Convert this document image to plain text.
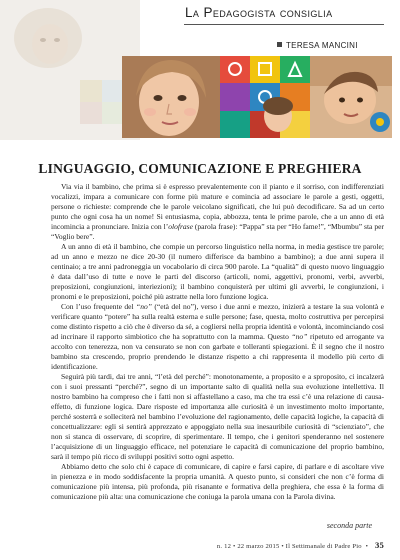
La Pedagogista consiglia
TERESA MANCINI
LINGUAGGIO, COMUNICAZIONE E PREGHIERA

Via via il bambino, che prima si è espresso prevalentemente con il pianto e il sorriso, con indifferenziati vocalizzi, impara a comunicare con forme più mature e comincia ad associare le parole a gesti, oggetti, persone o richieste: comprende che le parole veicolano significati, che lui può decodificare. Sa ad un certo punto che ogni cosa ha un nome! Si entusiasma, copia, abbozza, tenta le prime parole, che a un anno di età incomincia a pronunciare. Inizia con l’olofrase (parola frase): “Pappa” sta per “Ho fame!”, “Mbumbu” sta per “Voglio bere”.

A un anno di età il bambino, che compie un percorso linguistico nella norma, in media gestisce tre parole; ad un anno e mezzo ne dice 20-30 (il numero differisce da bambino a bambino); a due anni supera il centinaio; a tre anni padroneggia un vocabolario di circa 900 parole. La “qualità” di questo nuovo linguaggio è data dall’uso di tutte e nove le parti del discorso (articoli, nomi, aggettivi, pronomi, verbi, avverbi, preposizioni, congiunzioni, interiezioni); il bambino conquisterà per ultimi gli avverbi, le congiunzioni, i pronomi e le preposizioni, poiché più astratte nella loro funzione logica.

Con l’uso frequente del “no” (“età del no”), verso i due anni e mezzo, inizierà a testare la sua volontà e verificare quanto “potere” ha sulla realtà esterna e sulle persone; fase, questa, molto costruttiva per percepirsi come distinto rispetto a ciò che è diverso da sé, a cogliersi nella propria identità e volontà, incominciando così ad incrinare il rapporto simbiotico che ha soprattutto con la mamma. Questo “no” ripetuto ed arrogante va accolto con tenerezza, non va censurato se non con garbate e tolleranti spiegazioni. È il segno che il nostro bambino sta crescendo, proprio prendendo le distanze rispetto a chi rappresenta il modello più certo di identificazione.

Seguirà più tardi, dai tre anni, “l’età del perché”: monotonamente, a proposito e a sproposito, ci incalzerà con i suoi pressanti “perché?”, segno di un importante salto di qualità nella sua evoluzione intellettiva. Il nostro bambino ha compreso che i fatti non si affastellano a caso, ma che tra essi c’è una relazione di causa-effetto, di funzione logica. Dare risposte ed importanza alle curiosità è un investimento molto importante, perché sosterrà e solleciterà nel bambino l’evoluzione del ragionamento, delle capacità logiche, la capacità di concettualizzare: egli si sentirà apprezzato e appoggiato nella sua inesauribile curiosità di “scienziato”, che non si stanca di osservare, di scoprire, di sperimentare. Il tempo, che i genitori spenderanno nel sostenere l’acquisizione di un linguaggio efficace, nel potenziare le capacità di comunicazione del proprio bambino, sarà il tempo più ricco di sviluppi positivi sotto ogni aspetto.

Abbiamo detto che solo chi è capace di comunicare, di capire e farsi capire, di parlare e di ascoltare vive in pienezza e in modo soddisfacente la propria umanità. A questo punto, si consideri che non c’è forma di comunicazione più intensa, più profonda, più risanante e formativa della preghiera, che essa è la forma di comunicazione più alta: una comunicazione che coniuga la parola umana con la Parola divina.

seconda parte
n. 12 • 22 marzo 2015 • Il Settimanale di Padre Pio • 35
